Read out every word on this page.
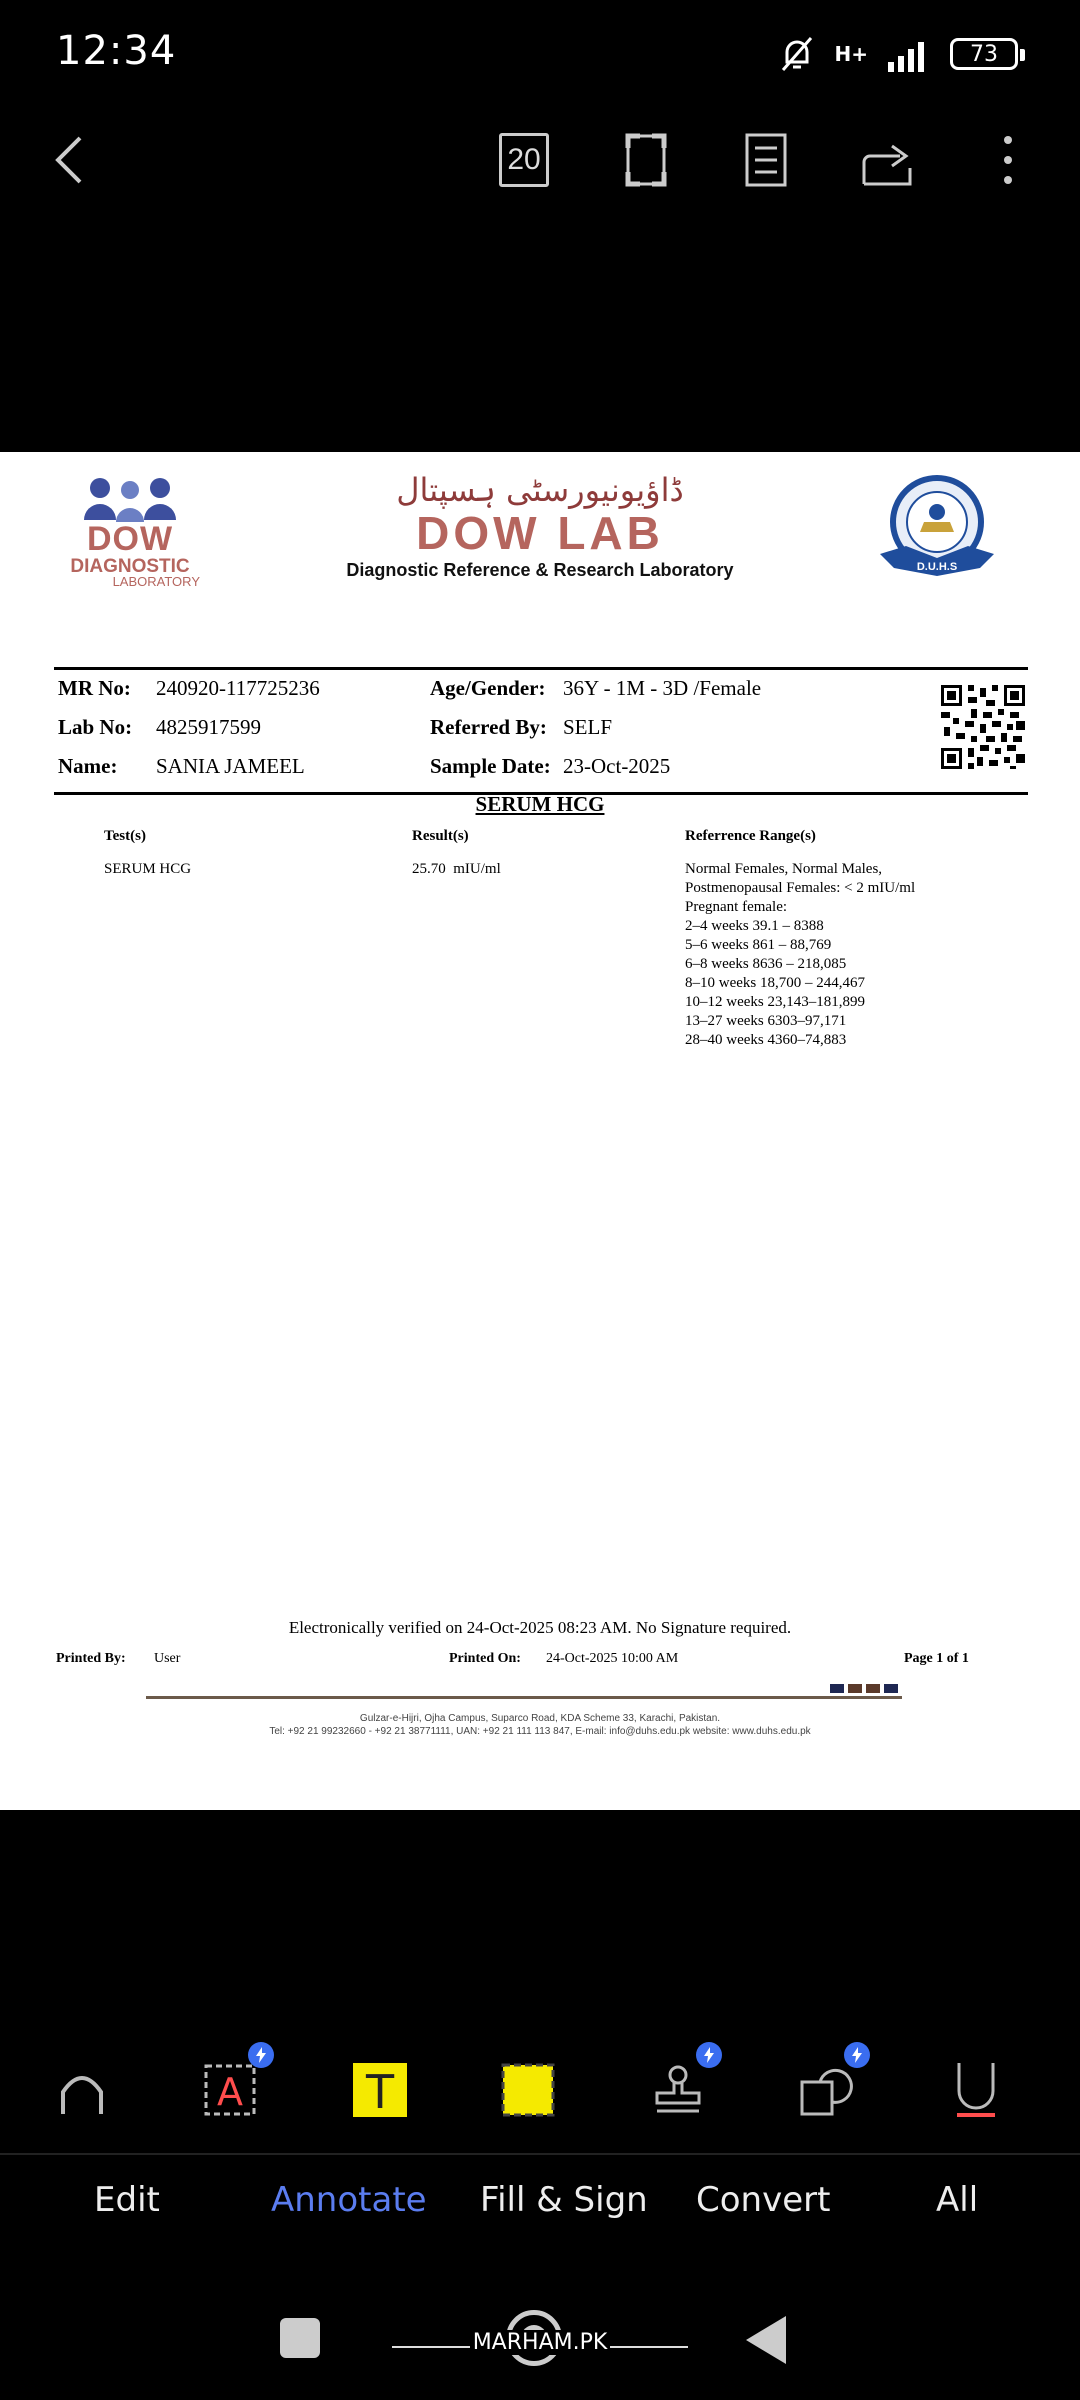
12:34	H+	73
20
DOW
DIAGNOSTIC
LABORATORY
ڈاؤیونیورسٹی ہسپتال
DOW LAB
Diagnostic Reference & Research Laboratory	D.U.H.S
MR No: 240920-117725236
Lab No: 4825917599
Name: SANIA JAMEEL
Age/Gender: 36Y - 1M - 3D /Female
Referred By: SELF
Sample Date: 23-Oct-2025
SERUM HCG
Test(s)	Result(s)	Referrence Range(s)
SERUM HCG	25.70  mIU/ml	Normal Females, Normal Males,
Postmenopausal Females: < 2 mIU/ml
Pregnant female:
2–4 weeks 39.1 – 8388
5–6 weeks 861 – 88,769
6–8 weeks 8636 – 218,085
8–10 weeks 18,700 – 244,467
10–12 weeks 23,143–181,899
13–27 weeks 6303–97,171
28–40 weeks 4360–74,883
Electronically verified on 24-Oct-2025 08:23 AM. No Signature required.
Printed By: User	Printed On: 24-Oct-2025 10:00 AM	Page 1 of 1
Gulzar-e-Hijri, Ojha Campus, Suparco Road, KDA Scheme 33, Karachi, Pakistan.
Tel: +92 21 99232660 - +92 21 38771111, UAN: +92 21 111 113 847, E-mail: info@duhs.edu.pk website: www.duhs.edu.pk
A	T
Edit	Annotate Fill & Sign Convert	All
MARHAM.PK
